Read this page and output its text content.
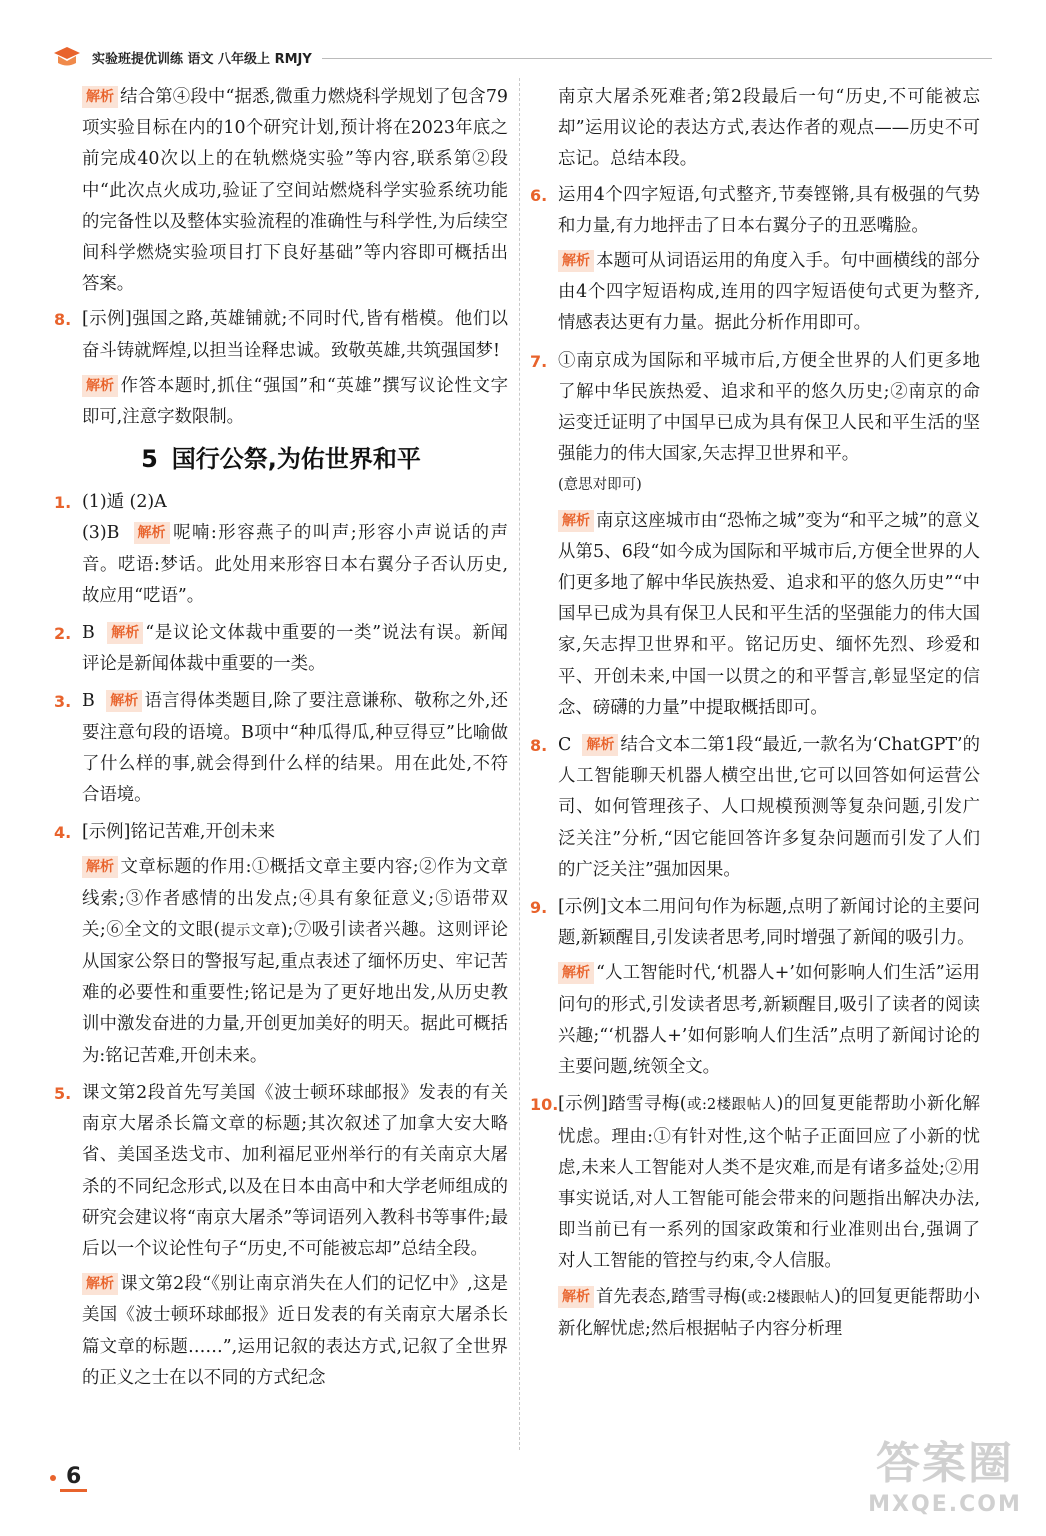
实验班提优训练 语文 八年级上 RMJY
解析 结合第④段中“据悉,微重力燃烧科学规划了包含79项实验目标在内的10个研究计划,预计将在2023年底之前完成40次以上的在轨燃烧实验”等内容,联系第②段中“此次点火成功,验证了空间站燃烧科学实验系统功能的完备性以及整体实验流程的准确性与科学性,为后续空间科学燃烧实验项目打下良好基础”等内容即可概括出答案。
8. [示例]强国之路,英雄铺就;不同时代,皆有楷模。他们以奋斗铸就辉煌,以担当诠释忠诚。致敬英雄,共筑强国梦!
解析 作答本题时,抓住“强国”和“英雄”撰写议论性文字即可,注意字数限制。
5 国行公祭,为佑世界和平
1. (1)遁 (2)A
(3)B 解析 呢喃:形容燕子的叫声;形容小声说话的声音。呓语:梦话。此处用来形容日本右翼分子否认历史,故应用“呓语”。
2. B 解析 “是议论文体裁中重要的一类”说法有误。新闻评论是新闻体裁中重要的一类。
3. B 解析 语言得体类题目,除了要注意谦称、敬称之外,还要注意句段的语境。B项中“种瓜得瓜,种豆得豆”比喻做了什么样的事,就会得到什么样的结果。用在此处,不符合语境。
4. [示例]铭记苦难,开创未来
解析 文章标题的作用:①概括文章主要内容;②作为文章线索;③作者感情的出发点;④具有象征意义;⑤语带双关;⑥全文的文眼(提示文章);⑦吸引读者兴趣。这则评论从国家公祭日的警报写起,重点表述了缅怀历史、牢记苦难的必要性和重要性;铭记是为了更好地出发,从历史教训中激发奋进的力量,开创更加美好的明天。据此可概括为:铭记苦难,开创未来。
5. 课文第2段首先写美国《波士顿环球邮报》发表的有关南京大屠杀长篇文章的标题;其次叙述了加拿大安大略省、美国圣迭戈市、加利福尼亚州举行的有关南京大屠杀的不同纪念形式,以及在日本由高中和大学老师组成的研究会建议将“南京大屠杀”等词语列入教科书等事件;最后以一个议论性句子“历史,不可能被忘却”总结全段。
解析 课文第2段“《别让南京消失在人们的记忆中》,这是美国《波士顿环球邮报》近日发表的有关南京大屠杀长篇文章的标题……”,运用记叙的表达方式,记叙了全世界的正义之士在以不同的方式纪念
南京大屠杀死难者;第2段最后一句“历史,不可能被忘却”运用议论的表达方式,表达作者的观点——历史不可忘记。总结本段。
6. 运用4个四字短语,句式整齐,节奏铿锵,具有极强的气势和力量,有力地抨击了日本右翼分子的丑恶嘴脸。
解析 本题可从词语运用的角度入手。句中画横线的部分由4个四字短语构成,连用的四字短语使句式更为整齐,情感表达更有力量。据此分析作用即可。
7. ①南京成为国际和平城市后,方便全世界的人们更多地了解中华民族热爱、追求和平的悠久历史;②南京的命运变迁证明了中国早已成为具有保卫人民和平生活的坚强能力的伟大国家,矢志捍卫世界和平。
(意思对即可)
解析 南京这座城市由“恐怖之城”变为“和平之城”的意义从第5、6段“如今成为国际和平城市后,方便全世界的人们更多地了解中华民族热爱、追求和平的悠久历史”“中国早已成为具有保卫人民和平生活的坚强能力的伟大国家,矢志捍卫世界和平。铭记历史、缅怀先烈、珍爱和平、开创未来,中国一以贯之的和平誓言,彰显坚定的信念、磅礴的力量”中提取概括即可。
8. C 解析 结合文本二第1段“最近,一款名为‘ChatGPT’的人工智能聊天机器人横空出世,它可以回答如何运营公司、如何管理孩子、人口规模预测等复杂问题,引发广泛关注”分析,“因它能回答许多复杂问题而引发了人们的广泛关注”强加因果。
9. [示例]文本二用问句作为标题,点明了新闻讨论的主要问题,新颖醒目,引发读者思考,同时增强了新闻的吸引力。
解析 “人工智能时代,‘机器人+’如何影响人们生活”运用问句的形式,引发读者思考,新颖醒目,吸引了读者的阅读兴趣;“‘机器人+’如何影响人们生活”点明了新闻讨论的主要问题,统领全文。
10. [示例]踏雪寻梅(或:2楼跟帖人)的回复更能帮助小新化解忧虑。理由:①有针对性,这个帖子正面回应了小新的忧虑,未来人工智能对人类不是灾难,而是有诸多益处;②用事实说话,对人工智能可能会带来的问题指出解决办法,即当前已有一系列的国家政策和行业准则出台,强调了对人工智能的管控与约束,令人信服。
解析 首先表态,踏雪寻梅(或:2楼跟帖人)的回复更能帮助小新化解忧虑;然后根据帖子内容分析理
6	答案圈
MXQE.COM
